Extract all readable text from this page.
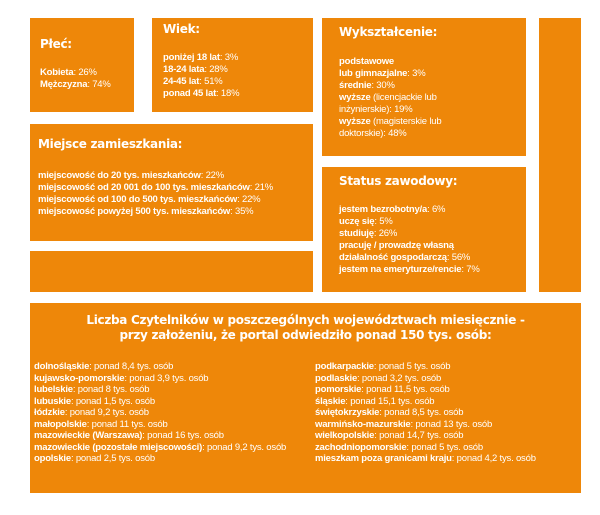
Płeć:
Kobieta: 26%
Mężczyzna: 74%
Wiek:
poniżej 18 lat: 3%
18-24 lata: 28%
24-45 lat: 51%
ponad 45 lat: 18%
Wykształcenie:
podstawowe
lub gimnazjalne: 3%
średnie: 30%
wyższe (licencjackie lub
inżynierskie): 19%
wyższe (magisterskie lub
doktorskie): 48%
Miejsce zamieszkania:
miejscowość do 20 tys. mieszkańców: 22%
miejscowość od 20 001 do 100 tys. mieszkańców: 21%
miejscowość od 100 do 500 tys. mieszkańców: 22%
miejscowość powyżej 500 tys. mieszkańców: 35%
Status zawodowy:
jestem bezrobotny/a: 6%
uczę się: 5%
studiuję: 26%
pracuję / prowadzę własną
działalność gospodarczą: 56%
jestem na emeryturze/rencie: 7%
Liczba Czytelników w poszczególnych województwach miesięcznie -
przy założeniu, że portal odwiedziło ponad 150 tys. osób:
dolnośląskie: ponad 8,4 tys. osób
kujawsko-pomorskie: ponad 3,9 tys. osób
lubelskie: ponad 8 tys. osób
lubuskie: ponad 1,5 tys. osób
łódzkie: ponad 9,2 tys. osób
małopolskie: ponad 11 tys. osób
mazowieckie (Warszawa): ponad 16 tys. osób
mazowieckie (pozostałe miejscowości): ponad 9,2 tys. osób
opolskie: ponad 2,5 tys. osób
podkarpackie: ponad 5 tys. osób
podlaskie: ponad 3,2 tys. osób
pomorskie: ponad 11,5 tys. osób
śląskie: ponad 15,1 tys. osób
świętokrzyskie: ponad 8,5 tys. osób
warmińsko-mazurskie: ponad 13 tys. osób
wielkopolskie: ponad 14,7 tys. osób
zachodniopomorskie: ponad 5 tys. osób
mieszkam poza granicami kraju: ponad 4,2 tys. osób
